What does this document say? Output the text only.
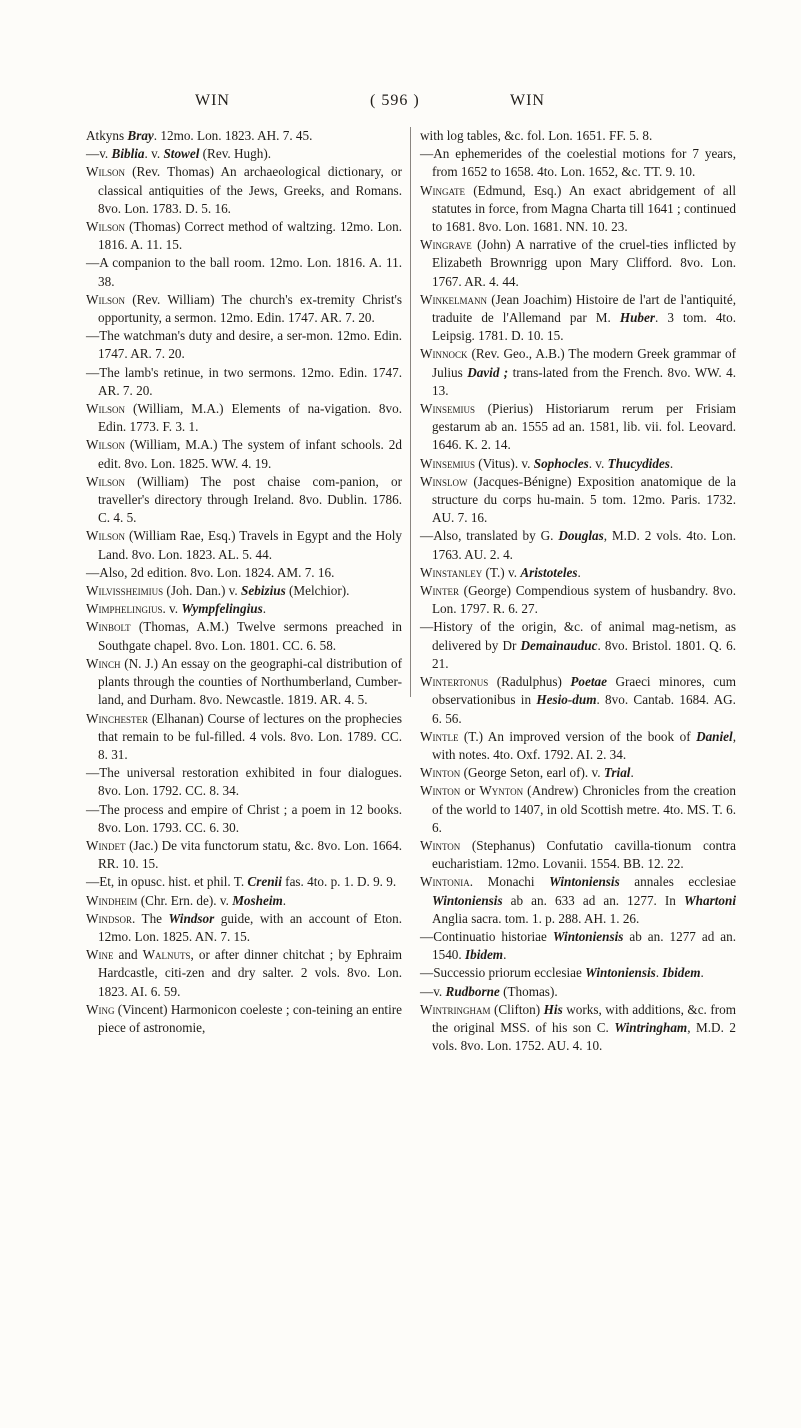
WIN	( 596 )	WIN

Atkyns Bray. 12mo. Lon. 1823. AH. 7. 45.

—v. Biblia. v. Stowel (Rev. Hugh).

Wilson (Rev. Thomas) An archaeological dictionary, or classical antiquities of the Jews, Greeks, and Romans. 8vo. Lon. 1783. D. 5. 16.

Wilson (Thomas) Correct method of waltzing. 12mo. Lon. 1816. A. 11. 15.

—A companion to the ball room. 12mo. Lon. 1816. A. 11. 38.

Wilson (Rev. William) The church's ex-tremity Christ's opportunity, a sermon. 12mo. Edin. 1747. AR. 7. 20.

—The watchman's duty and desire, a ser-mon. 12mo. Edin. 1747. AR. 7. 20.

—The lamb's retinue, in two sermons. 12mo. Edin. 1747. AR. 7. 20.

Wilson (William, M.A.) Elements of na-vigation. 8vo. Edin. 1773. F. 3. 1.

Wilson (William, M.A.) The system of infant schools. 2d edit. 8vo. Lon. 1825. WW. 4. 19.

Wilson (William) The post chaise com-panion, or traveller's directory through Ireland. 8vo. Dublin. 1786. C. 4. 5.

Wilson (William Rae, Esq.) Travels in Egypt and the Holy Land. 8vo. Lon. 1823. AL. 5. 44.

—Also, 2d edition. 8vo. Lon. 1824. AM. 7. 16.

Wilvissheimius (Joh. Dan.) v. Sebizius (Melchior).

Wimphelingius. v. Wympfelingius.

Winbolt (Thomas, A.M.) Twelve sermons preached in Southgate chapel. 8vo. Lon. 1801. CC. 6. 58.

Winch (N. J.) An essay on the geographi-cal distribution of plants through the counties of Northumberland, Cumber-land, and Durham. 8vo. Newcastle. 1819. AR. 4. 5.

Winchester (Elhanan) Course of lectures on the prophecies that remain to be ful-filled. 4 vols. 8vo. Lon. 1789. CC. 8. 31.

—The universal restoration exhibited in four dialogues. 8vo. Lon. 1792. CC. 8. 34.

—The process and empire of Christ ; a poem in 12 books. 8vo. Lon. 1793. CC. 6. 30.

Windet (Jac.) De vita functorum statu, &c. 8vo. Lon. 1664. RR. 10. 15.

—Et, in opusc. hist. et phil. T. Crenii fas. 4to. p. 1. D. 9. 9.

Windheim (Chr. Ern. de). v. Mosheim.

Windsor. The Windsor guide, with an account of Eton. 12mo. Lon. 1825. AN. 7. 15.

Wine and Walnuts, or after dinner chitchat ; by Ephraim Hardcastle, citi-zen and dry salter. 2 vols. 8vo. Lon. 1823. AI. 6. 59.

Wing (Vincent) Harmonicon coeleste ; con-teining an entire piece of astronomie,

with log tables, &c. fol. Lon. 1651. FF. 5. 8.

—An ephemerides of the coelestial motions for 7 years, from 1652 to 1658. 4to. Lon. 1652, &c. TT. 9. 10.

Wingate (Edmund, Esq.) An exact abridgement of all statutes in force, from Magna Charta till 1641 ; continued to 1681. 8vo. Lon. 1681. NN. 10. 23.

Wingrave (John) A narrative of the cruel-ties inflicted by Elizabeth Brownrigg upon Mary Clifford. 8vo. Lon. 1767. AR. 4. 44.

Winkelmann (Jean Joachim) Histoire de l'art de l'antiquité, traduite de l'Allemand par M. Huber. 3 tom. 4to. Leipsig. 1781. D. 10. 15.

Winnock (Rev. Geo., A.B.) The modern Greek grammar of Julius David ; trans-lated from the French. 8vo. WW. 4. 13.

Winsemius (Pierius) Historiarum rerum per Frisiam gestarum ab an. 1555 ad an. 1581, lib. vii. fol. Leovard. 1646. K. 2. 14.

Winsemius (Vitus). v. Sophocles. v. Thucydides.

Winslow (Jacques-Bénigne) Exposition anatomique de la structure du corps hu-main. 5 tom. 12mo. Paris. 1732. AU. 7. 16.

—Also, translated by G. Douglas, M.D. 2 vols. 4to. Lon. 1763. AU. 2. 4.

Winstanley (T.) v. Aristoteles.

Winter (George) Compendious system of husbandry. 8vo. Lon. 1797. R. 6. 27.

—History of the origin, &c. of animal mag-netism, as delivered by Dr Demainauduc. 8vo. Bristol. 1801. Q. 6. 21.

Wintertonus (Radulphus) Poetae Graeci minores, cum observationibus in Hesio-dum. 8vo. Cantab. 1684. AG. 6. 56.

Wintle (T.) An improved version of the book of Daniel, with notes. 4to. Oxf. 1792. AI. 2. 34.

Winton (George Seton, earl of). v. Trial.

Winton or Wynton (Andrew) Chronicles from the creation of the world to 1407, in old Scottish metre. 4to. MS. T. 6. 6.

Winton (Stephanus) Confutatio cavilla-tionum contra eucharistiam. 12mo. Lovanii. 1554. BB. 12. 22.

Wintonia. Monachi Wintoniensis annales ecclesiae Wintoniensis ab an. 633 ad an. 1277. In Whartoni Anglia sacra. tom. 1. p. 288. AH. 1. 26.

—Continuatio historiae Wintoniensis ab an. 1277 ad an. 1540. Ibidem.

—Successio priorum ecclesiae Wintoniensis. Ibidem.

—v. Rudborne (Thomas).

Wintringham (Clifton) His works, with additions, &c. from the original MSS. of his son C. Wintringham, M.D. 2 vols. 8vo. Lon. 1752. AU. 4. 10.
